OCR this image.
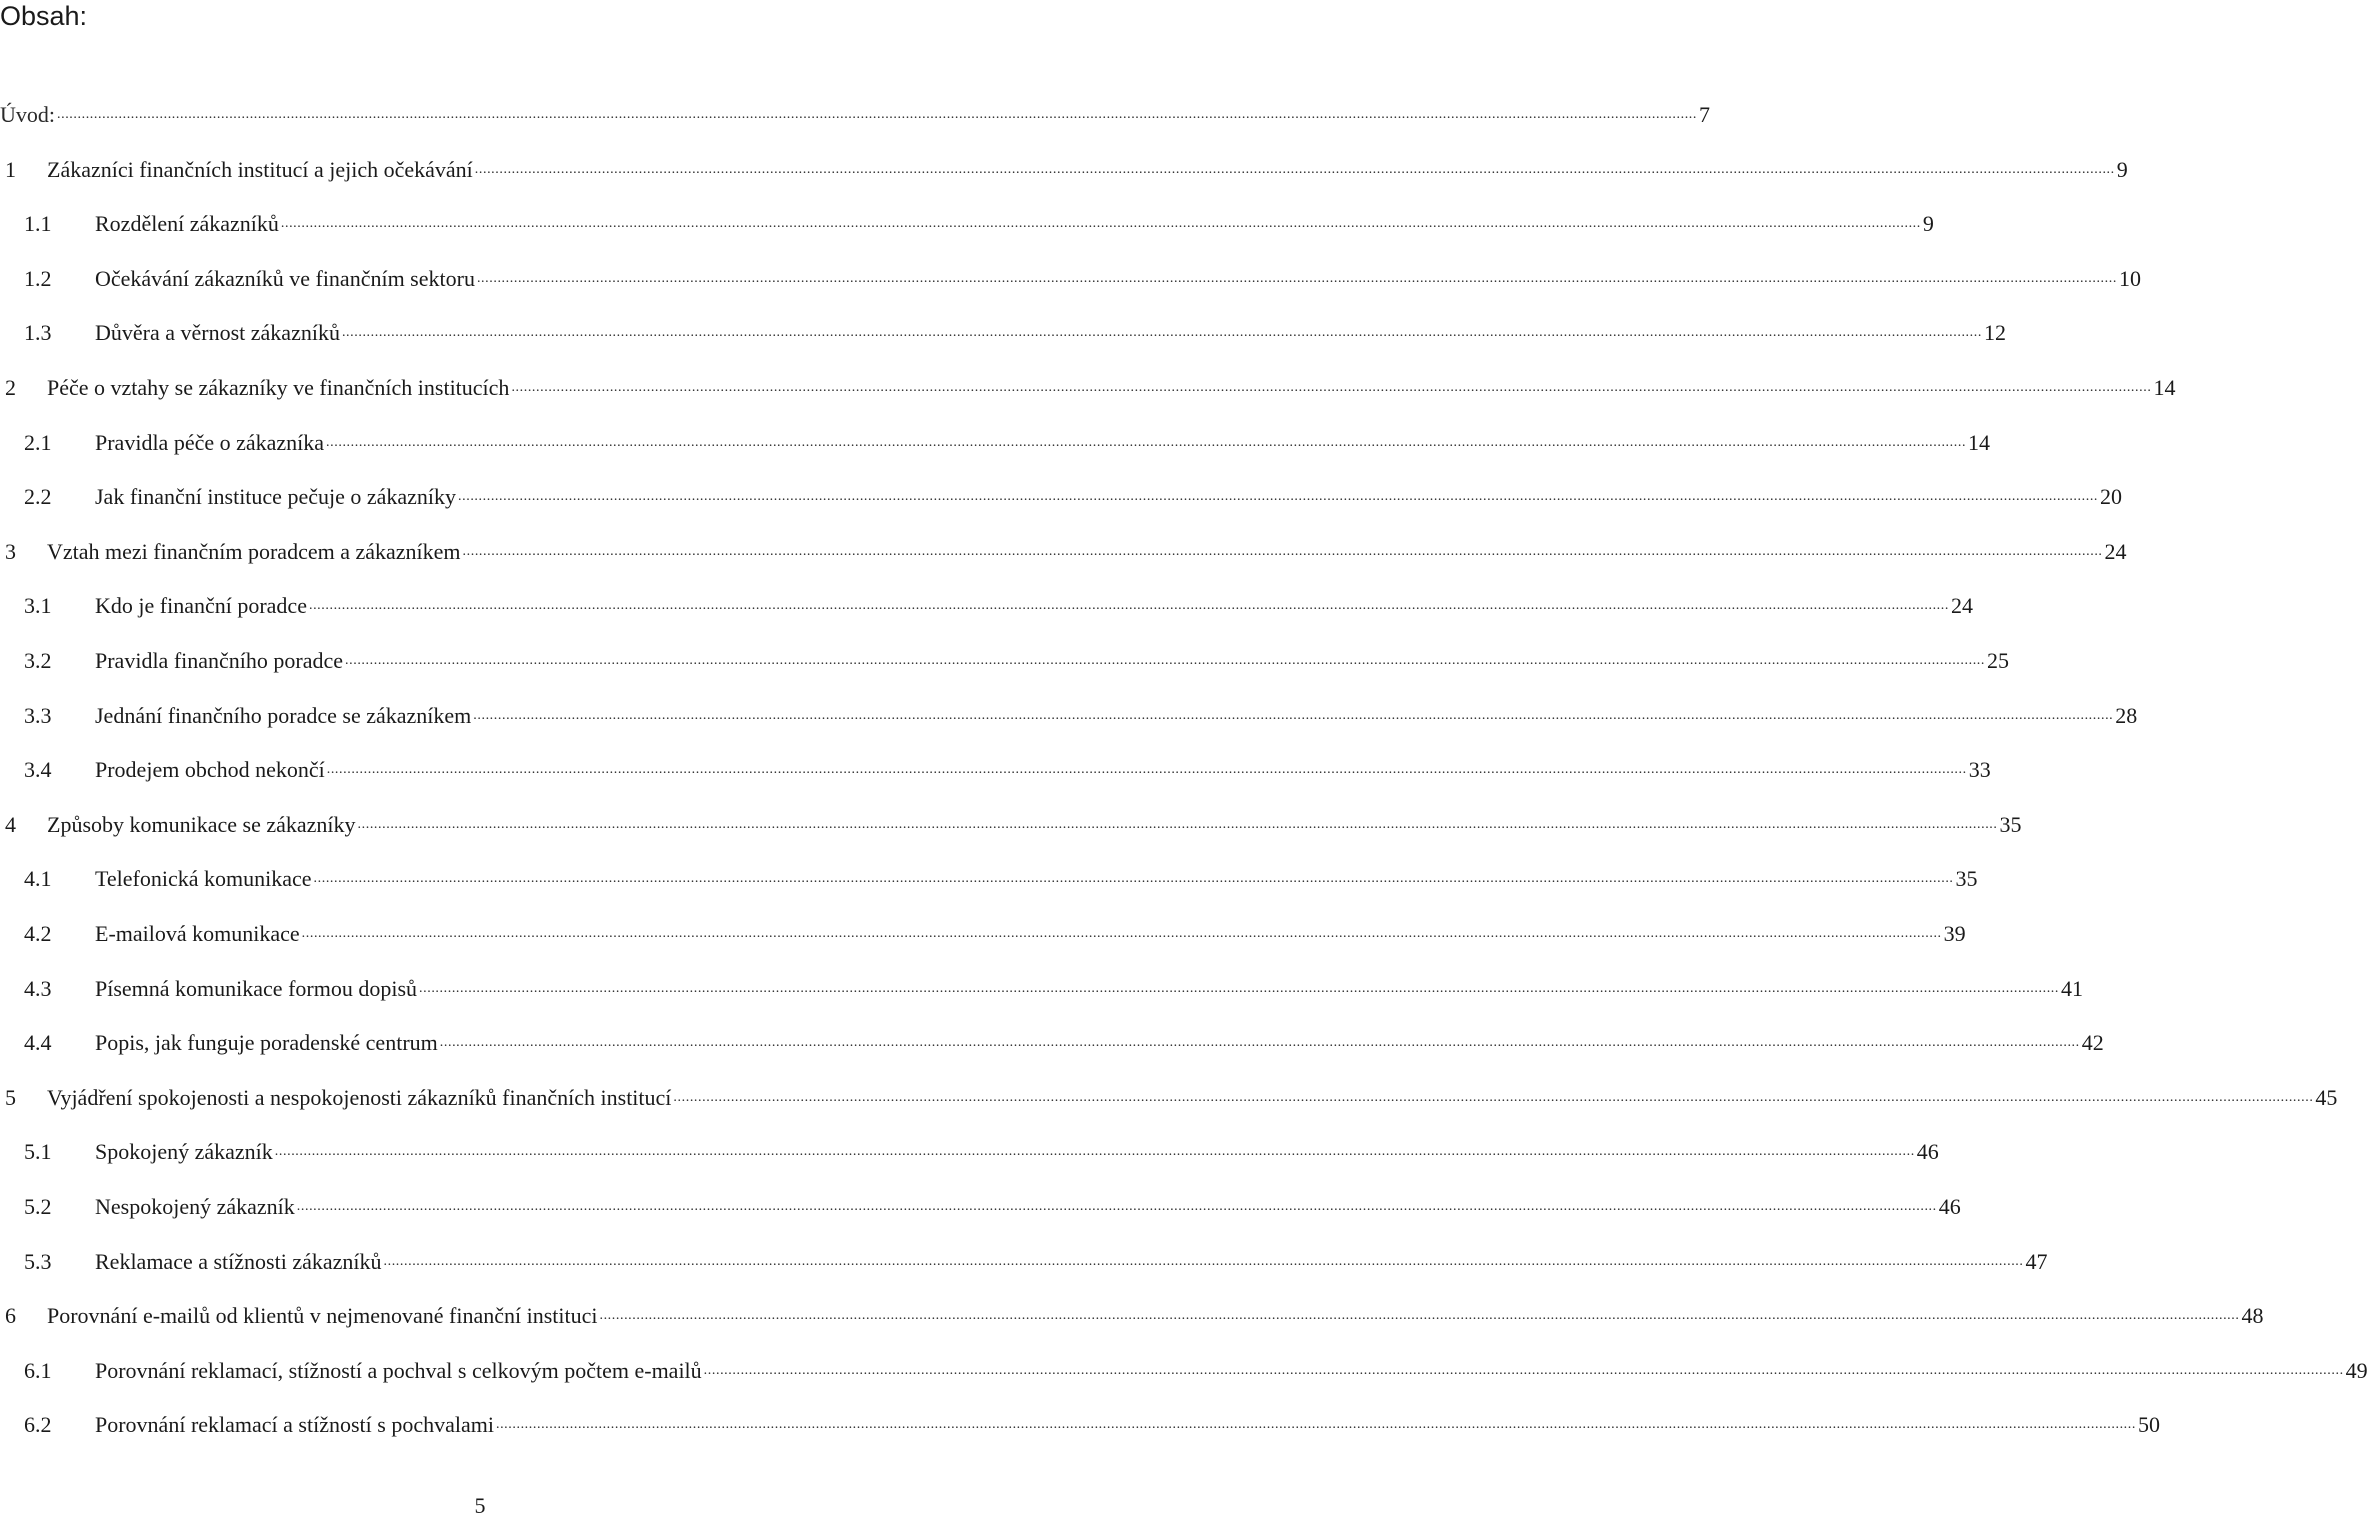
Obsah:
Úvod: ................................................................................................................................................................................................................................................................................................................................................................................................................ 7
1 Zákazníci finančních institucí a jejich očekávání ................................................................................................................................................................................................................................................................................................................................................................................................................ 9
1.1 Rozdělení zákazníků ................................................................................................................................................................................................................................................................................................................................................................................................................ 9
1.2 Očekávání zákazníků ve finančním sektoru ................................................................................................................................................................................................................................................................................................................................................................................................................ 10
1.3 Důvěra a věrnost zákazníků ................................................................................................................................................................................................................................................................................................................................................................................................................ 12
2 Péče o vztahy se zákazníky ve finančních institucích ................................................................................................................................................................................................................................................................................................................................................................................................................ 14
2.1 Pravidla péče o zákazníka ................................................................................................................................................................................................................................................................................................................................................................................................................ 14
2.2 Jak finanční instituce pečuje o zákazníky ................................................................................................................................................................................................................................................................................................................................................................................................................ 20
3 Vztah mezi finančním poradcem a zákazníkem ................................................................................................................................................................................................................................................................................................................................................................................................................ 24
3.1 Kdo je finanční poradce ................................................................................................................................................................................................................................................................................................................................................................................................................ 24
3.2 Pravidla finančního poradce ................................................................................................................................................................................................................................................................................................................................................................................................................ 25
3.3 Jednání finančního poradce se zákazníkem ................................................................................................................................................................................................................................................................................................................................................................................................................ 28
3.4 Prodejem obchod nekončí ................................................................................................................................................................................................................................................................................................................................................................................................................ 33
4 Způsoby komunikace se zákazníky ................................................................................................................................................................................................................................................................................................................................................................................................................ 35
4.1 Telefonická komunikace ................................................................................................................................................................................................................................................................................................................................................................................................................ 35
4.2 E-mailová komunikace ................................................................................................................................................................................................................................................................................................................................................................................................................ 39
4.3 Písemná komunikace formou dopisů ................................................................................................................................................................................................................................................................................................................................................................................................................ 41
4.4 Popis, jak funguje poradenské centrum ................................................................................................................................................................................................................................................................................................................................................................................................................ 42
5 Vyjádření spokojenosti a nespokojenosti zákazníků finančních institucí ................................................................................................................................................................................................................................................................................................................................................................................................................ 45
5.1 Spokojený zákazník ................................................................................................................................................................................................................................................................................................................................................................................................................ 46
5.2 Nespokojený zákazník ................................................................................................................................................................................................................................................................................................................................................................................................................ 46
5.3 Reklamace a stížnosti zákazníků ................................................................................................................................................................................................................................................................................................................................................................................................................ 47
6 Porovnání e-mailů od klientů v nejmenované finanční instituci ................................................................................................................................................................................................................................................................................................................................................................................................................ 48
6.1 Porovnání reklamací, stížností a pochval s celkovým počtem e-mailů ................................................................................................................................................................................................................................................................................................................................................................................................................ 49
6.2 Porovnání reklamací a stížností s pochvalami ................................................................................................................................................................................................................................................................................................................................................................................................................ 50
5
